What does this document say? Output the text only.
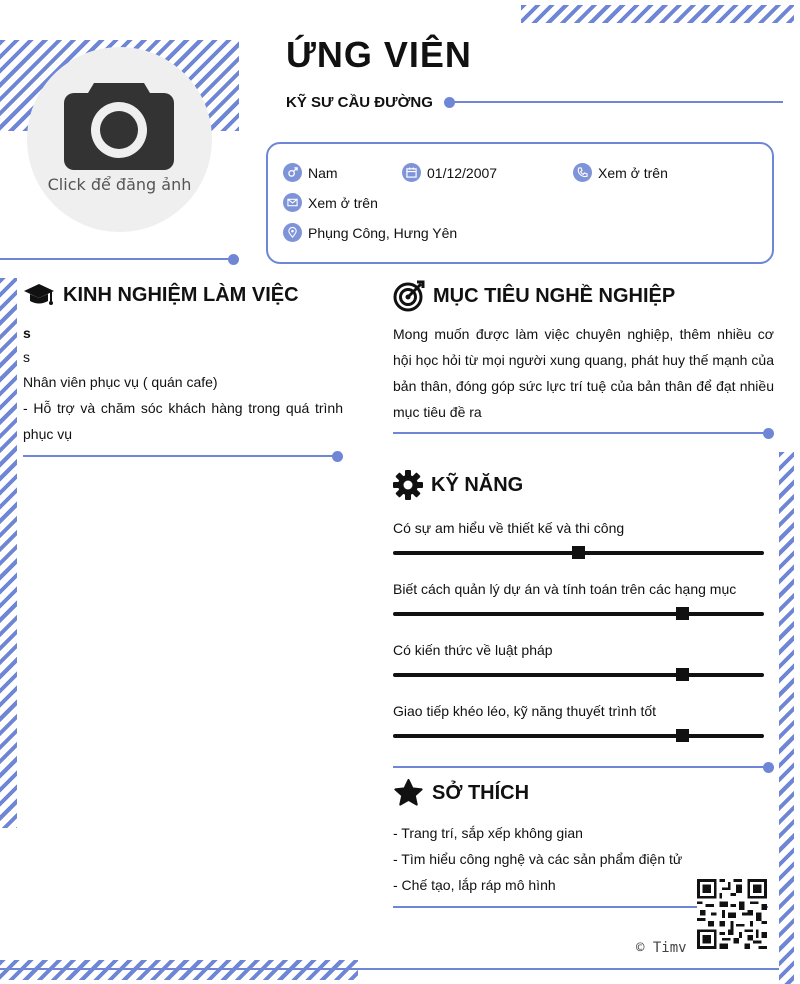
Click để đăng ảnh
ỨNG VIÊN
KỸ SƯ CẦU ĐƯỜNG
Nam	01/12/2007	Xem ở trên
Xem ở trên
Phụng Công, Hưng Yên
KINH NGHIỆM LÀM VIỆC
s
s
Nhân viên phục vụ ( quán cafe)
- Hỗ trợ và chăm sóc khách hàng trong quá trình phục vụ
MỤC TIÊU NGHỀ NGHIỆP
Mong muốn được làm việc chuyên nghiệp, thêm nhiều cơ hội học hỏi từ mọi người xung quang, phát huy thế mạnh của bản thân, đóng góp sức lực trí tuệ của bản thân để đạt nhiều mục tiêu đề ra
KỸ NĂNG
Có sự am hiểu về thiết kế và thi công
Biết cách quản lý dự án và tính toán trên các hạng mục
Có kiến thức về luật pháp
Giao tiếp khéo léo, kỹ năng thuyết trình tốt
SỞ THÍCH
- Trang trí, sắp xếp không gian
- Tìm hiểu công nghệ và các sản phẩm điện tử
- Chế tạo, lắp ráp mô hình
© Timv
